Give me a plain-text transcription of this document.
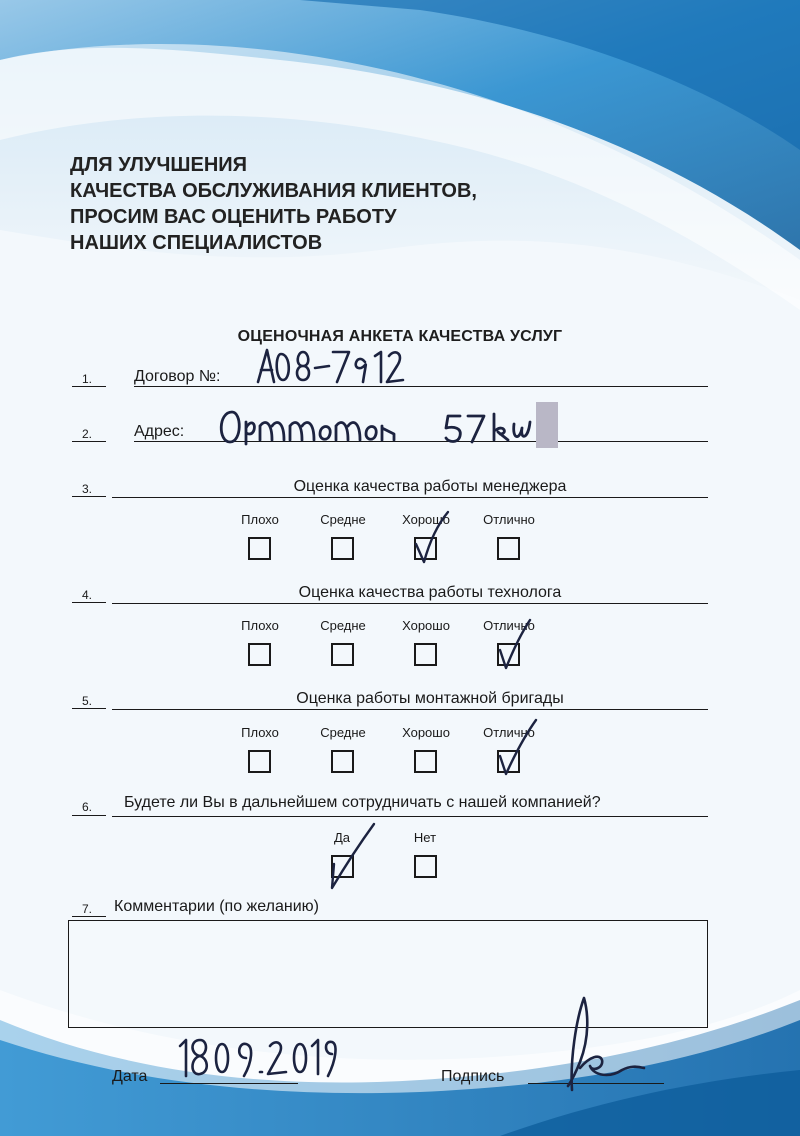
ДЛЯ УЛУЧШЕНИЯ
КАЧЕСТВА ОБСЛУЖИВАНИЯ КЛИЕНТОВ,
ПРОСИМ ВАС ОЦЕНИТЬ РАБОТУ
НАШИХ СПЕЦИАЛИСТОВ
ОЦЕНОЧНАЯ АНКЕТА КАЧЕСТВА УСЛУГ
1.	Договор №:
2.	Адрес:
3.	Оценка качества работы менеджера
Плохо	Средне	Хорошо	Отлично
4.	Оценка качества работы технолога
Плохо	Средне	Хорошо	Отлично
5.	Оценка работы монтажной бригады
Плохо	Средне	Хорошо	Отлично
6. Будете ли Вы в дальнейшем сотрудничать с нашей компанией?
Да	Нет
7. Комментарии (по желанию)
Дата	Подпись
